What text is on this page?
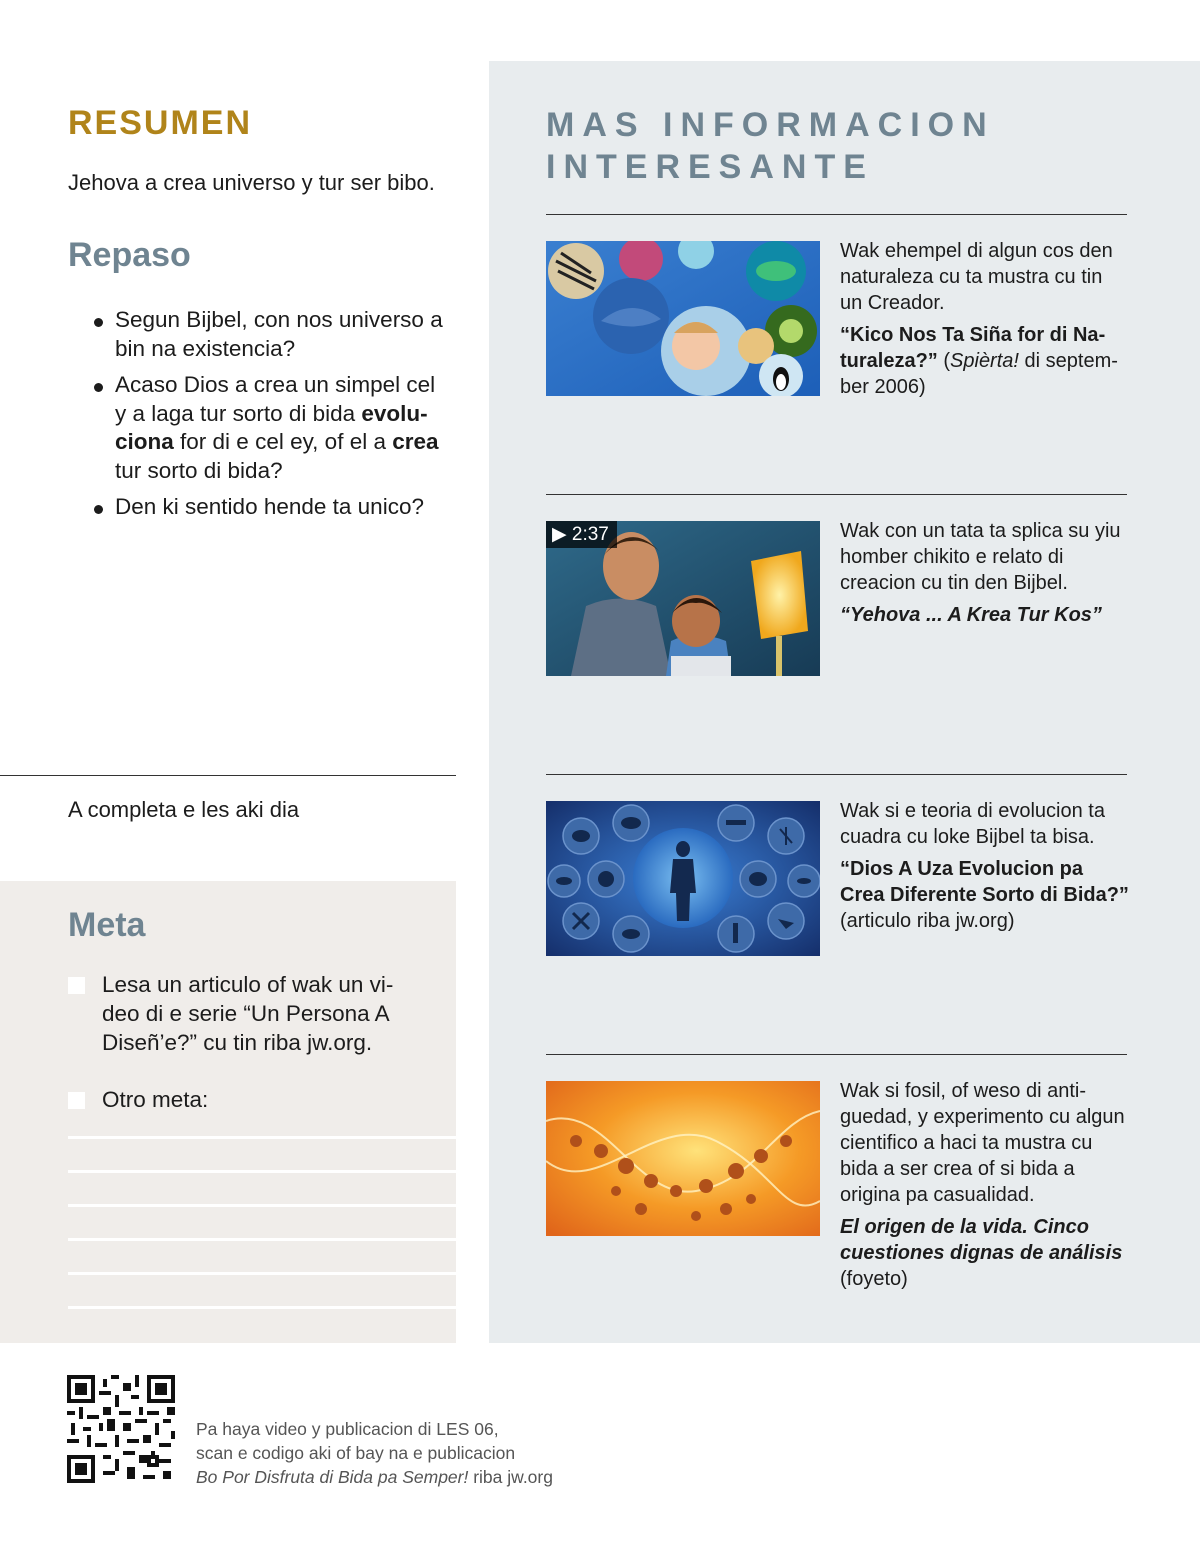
RESUMEN

Jehova a crea universo y tur ser bibo.

Repaso
Segun Bijbel, con nos universo a bin na existencia?
Acaso Dios a crea un simpel cel y a laga tur sorto di bida evoluciona for di e cel ey, of el a crea tur sorto di bida?
Den ki sentido hende ta unico?

A completa e les aki dia

Meta
Lesa un articulo of wak un video di e serie “Un Persona A Diseñ’e?” cu tin riba jw.org.
Otro meta:
MAS INFORMACION INTERESANTE

Wak ehempel di algun cos den naturaleza cu ta mustra cu tin un Creador.

“Kico Nos Ta Siña for di Naturaleza?” (Spièrta! di september 2006)

▶ 2:37	Wak con un tata ta splica su yiu homber chikito e relato di creacion cu tin den Bijbel.

“Yehova ... A Krea Tur Kos”

Wak si e teoria di evolucion ta cuadra cu loke Bijbel ta bisa.

“Dios A Uza Evolucion pa Crea Diferente Sorto di Bida?”

(articulo riba jw.org)

Wak si fosil, of weso di antiguedad, y experimento cu algun cientifico a haci ta mustra cu bida a ser crea of si bida a origina pa casualidad.

El origen de la vida. Cinco cuestiones dignas de análisis

(foyeto)

Pa haya video y publicacion di LES 06,

scan e codigo aki of bay na e publicacion

Bo Por Disfruta di Bida pa Semper! riba jw.org
